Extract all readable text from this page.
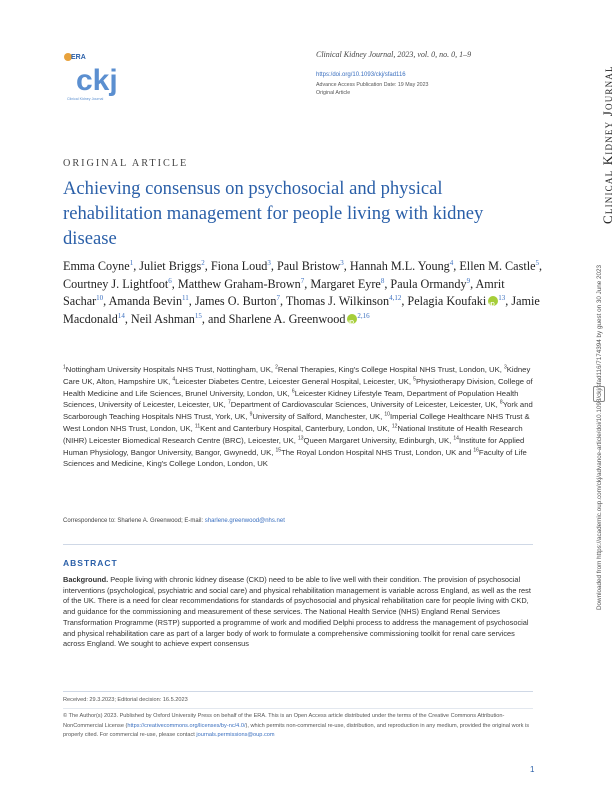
ERA
ckj
Clinical Kidney Journal
Clinical Kidney Journal, 2023, vol. 0, no. 0, 1–9
https:/doi.org/10.1093/ckj/sfad116
Advance Access Publication Date: 19 May 2023
Original Article	Clinical Kidney Journal
Downloaded from https://academic.oup.com/ckj/advance-article/doi/10.1093/ckj/sfad116/7174394 by guest on 30 June 2023
ORIGINAL ARTICLE
Achieving consensus on psychosocial and physical rehabilitation management for people living with kidney disease
Emma Coyne$^1$, Juliet Briggs$^2$, Fiona Loud$^3$, Paul Bristow$^3$, Hannah M.L. Young$^4$, Ellen M. Castle$^5$, Courtney J. Lightfoot$^6$, Matthew Graham-Brown$^7$, Margaret Eyre$^8$, Paula Ormandy$^9$, Amrit Sachar$^{10}$, Amanda Bevin$^{11}$, James O. Burton$^7$, Thomas J. Wilkinson$^{4,12}$, Pelagia Koufaki iD $^{13}$, Jamie Macdonald$^{14}$, Neil Ashman$^{15}$, and Sharlene A. Greenwood iD $^{2,16}$
$^1$Nottingham University Hospitals NHS Trust, Nottingham, UK, $^2$Renal Therapies, King's College Hospital NHS Trust, London, UK, $^3$Kidney Care UK, Alton, Hampshire UK, $^4$Leicester Diabetes Centre, Leicester General Hospital, Leicester, UK, $^5$Physiotherapy Division, College of Health Medicine and Life Sciences, Brunel University, London, UK, $^6$Leicester Kidney Lifestyle Team, Department of Population Health Sciences, University of Leicester, Leicester, UK, $^7$Department of Cardiovascular Sciences, University of Leicester, Leicester, UK, $^8$York and Scarborough Teaching Hospitals NHS Trust, York, UK, $^9$University of Salford, Manchester, UK, $^{10}$Imperial College Healthcare NHS Trust & West London NHS Trust, London, UK, $^{11}$Kent and Canterbury Hospital, Canterbury, London, UK, $^{12}$National Institute of Health Research (NIHR) Leicester Biomedical Research Centre (BRC), Leicester, UK, $^{13}$Queen Margaret University, Edinburgh, UK, $^{14}$Institute for Applied Human Physiology, Bangor University, Bangor, Gwynedd, UK, $^{15}$The Royal London Hospital NHS Trust, London, UK and $^{16}$Faculty of Life Sciences and Medicine, King's College London, London, UK
Correspondence to: Sharlene A. Greenwood; E-mail: sharlene.greenwood@nhs.net
ABSTRACT
Background. People living with chronic kidney disease (CKD) need to be able to live well with their condition. The provision of psychosocial interventions (psychological, psychiatric and social care) and physical rehabilitation management is variable across England, as well as the rest of the UK. There is a need for clear recommendations for standards of psychosocial and physical rehabilitation care for people living with CKD, and guidance for the commissioning and measurement of these services. The National Health Service (NHS) England Renal Services Transformation Programme (RSTP) supported a programme of work and modified Delphi process to address the management of psychosocial and physical rehabilitation care as part of a larger body of work to formulate a comprehensive commissioning toolkit for renal care services across England. We sought to achieve expert consensus
Received: 29.3.2023; Editorial decision: 16.5.2023
© The Author(s) 2023. Published by Oxford University Press on behalf of the ERA. This is an Open Access article distributed under the terms of the Creative Commons Attribution-NonCommercial License (https://creativecommons.org/licenses/by-nc/4.0/), which permits non-commercial re-use, distribution, and reproduction in any medium, provided the original work is properly cited. For commercial re-use, please contact journals.permissions@oup.com
1
